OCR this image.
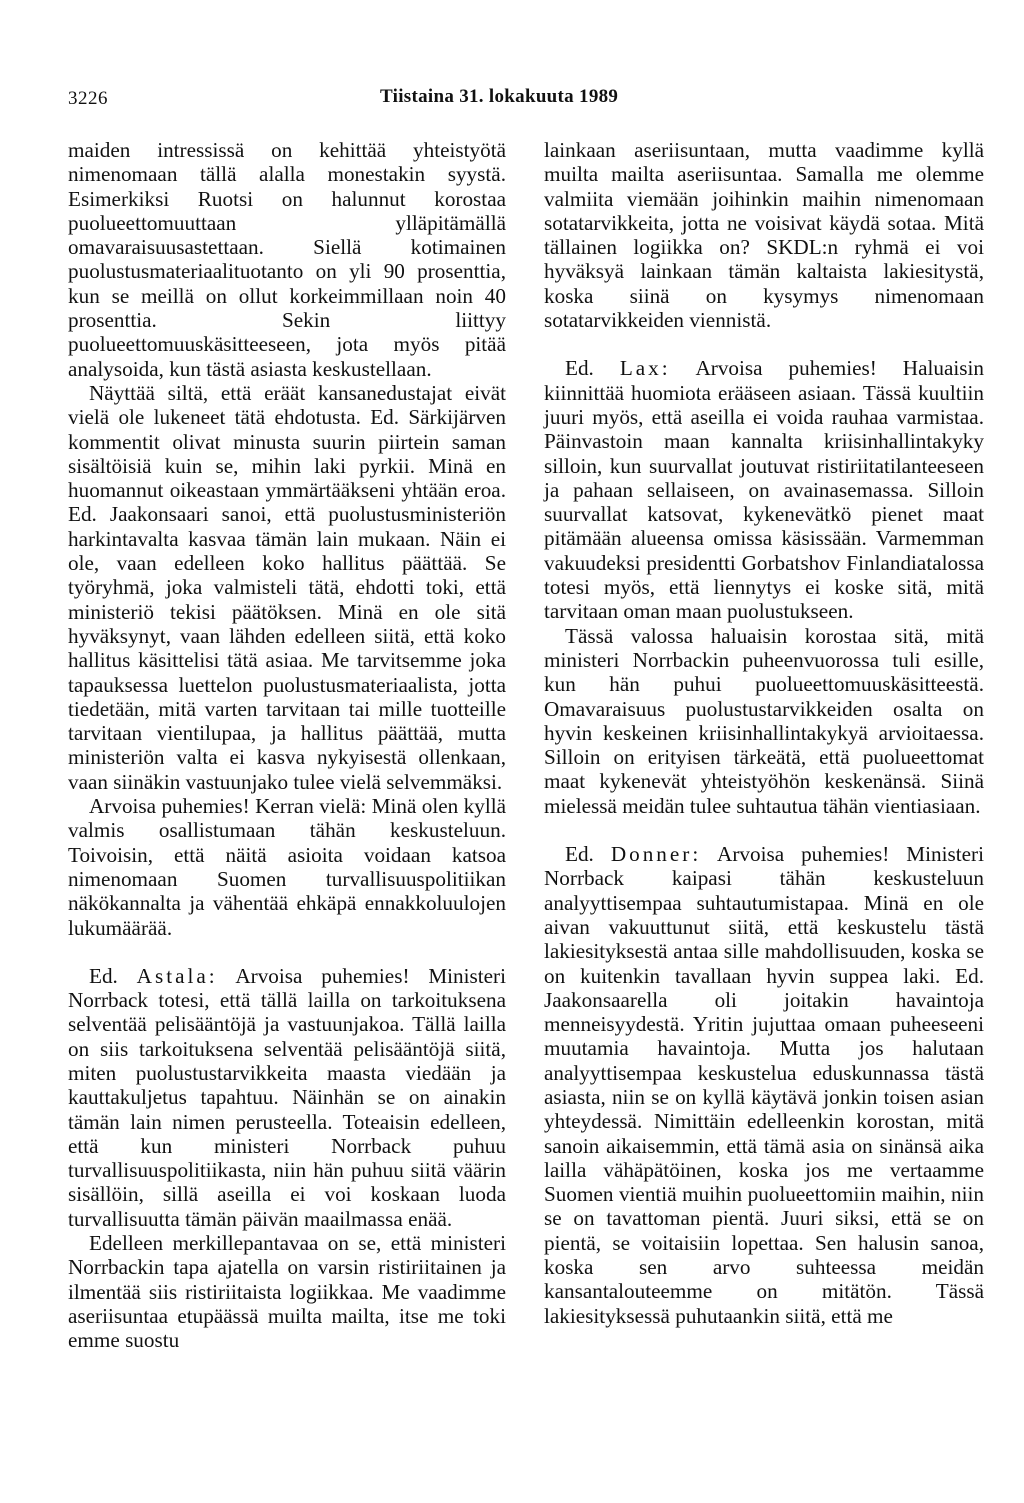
3226	Tiistaina 31. lokakuuta 1989

maiden intressissä on kehittää yhteistyötä nimenomaan tällä alalla monestakin syystä. Esimerkiksi Ruotsi on halunnut korostaa puolueettomuuttaan ylläpitämällä omavaraisuusastettaan. Siellä kotimainen puolustusmateriaalituotanto on yli 90 prosenttia, kun se meillä on ollut korkeimmillaan noin 40 prosenttia. Sekin liittyy puolueettomuuskäsitteeseen, jota myös pitää analysoida, kun tästä asiasta keskustellaan.

Näyttää siltä, että eräät kansanedustajat eivät vielä ole lukeneet tätä ehdotusta. Ed. Särkijärven kommentit olivat minusta suurin piirtein saman sisältöisiä kuin se, mihin laki pyrkii. Minä en huomannut oikeastaan ymmärtääkseni yhtään eroa. Ed. Jaakonsaari sanoi, että puolustusministeriön harkintavalta kasvaa tämän lain mukaan. Näin ei ole, vaan edelleen koko hallitus päättää. Se työryhmä, joka valmisteli tätä, ehdotti toki, että ministeriö tekisi päätöksen. Minä en ole sitä hyväksynyt, vaan lähden edelleen siitä, että koko hallitus käsittelisi tätä asiaa. Me tarvitsemme joka tapauksessa luettelon puolustusmateriaalista, jotta tiedetään, mitä varten tarvitaan tai mille tuotteille tarvitaan vientilupaa, ja hallitus päättää, mutta ministeriön valta ei kasva nykyisestä ollenkaan, vaan siinäkin vastuunjako tulee vielä selvemmäksi.

Arvoisa puhemies! Kerran vielä: Minä olen kyllä valmis osallistumaan tähän keskusteluun. Toivoisin, että näitä asioita voidaan katsoa nimenomaan Suomen turvallisuuspolitiikan näkökannalta ja vähentää ehkäpä ennakkoluulojen lukumäärää.

Ed. Astala: Arvoisa puhemies! Ministeri Norrback totesi, että tällä lailla on tarkoituksena selventää pelisääntöjä ja vastuunjakoa. Tällä lailla on siis tarkoituksena selventää pelisääntöjä siitä, miten puolustustarvikkeita maasta viedään ja kauttakuljetus tapahtuu. Näinhän se on ainakin tämän lain nimen perusteella. Toteaisin edelleen, että kun ministeri Norrback puhuu turvallisuuspolitiikasta, niin hän puhuu siitä väärin sisällöin, sillä aseilla ei voi koskaan luoda turvallisuutta tämän päivän maailmassa enää.

Edelleen merkillepantavaa on se, että ministeri Norrbackin tapa ajatella on varsin ristiriitainen ja ilmentää siis ristiriitaista logiikkaa. Me vaadimme aseriisuntaa etupäässä muilta mailta, itse me toki emme suostu

lainkaan aseriisuntaan, mutta vaadimme kyllä muilta mailta aseriisuntaa. Samalla me olemme valmiita viemään joihinkin maihin nimenomaan sotatarvikkeita, jotta ne voisivat käydä sotaa. Mitä tällainen logiikka on? SKDL:n ryhmä ei voi hyväksyä lainkaan tämän kaltaista lakiesitystä, koska siinä on kysymys nimenomaan sotatarvikkeiden viennistä.

Ed. Lax: Arvoisa puhemies! Haluaisin kiinnittää huomiota erääseen asiaan. Tässä kuultiin juuri myös, että aseilla ei voida rauhaa varmistaa. Päinvastoin maan kannalta kriisinhallintakyky silloin, kun suurvallat joutuvat ristiriitatilanteeseen ja pahaan sellaiseen, on avainasemassa. Silloin suurvallat katsovat, kykenevätkö pienet maat pitämään alueensa omissa käsissään. Varmemman vakuudeksi presidentti Gorbatshov Finlandiatalossa totesi myös, että liennytys ei koske sitä, mitä tarvitaan oman maan puolustukseen.

Tässä valossa haluaisin korostaa sitä, mitä ministeri Norrbackin puheenvuorossa tuli esille, kun hän puhui puolueettomuuskäsitteestä. Omavaraisuus puolustustarvikkeiden osalta on hyvin keskeinen kriisinhallintakykyä arvioitaessa. Silloin on erityisen tärkeätä, että puolueettomat maat kykenevät yhteistyöhön keskenänsä. Siinä mielessä meidän tulee suhtautua tähän vientiasiaan.

Ed. Donner: Arvoisa puhemies! Ministeri Norrback kaipasi tähän keskusteluun analyyttisempaa suhtautumistapaa. Minä en ole aivan vakuuttunut siitä, että keskustelu tästä lakiesityksestä antaa sille mahdollisuuden, koska se on kuitenkin tavallaan hyvin suppea laki. Ed. Jaakonsaarella oli joitakin havaintoja menneisyydestä. Yritin jujuttaa omaan puheeseeni muutamia havaintoja. Mutta jos halutaan analyyttisempaa keskustelua eduskunnassa tästä asiasta, niin se on kyllä käytävä jonkin toisen asian yhteydessä. Nimittäin edelleenkin korostan, mitä sanoin aikaisemmin, että tämä asia on sinänsä aika lailla vähäpätöinen, koska jos me vertaamme Suomen vientiä muihin puolueettomiin maihin, niin se on tavattoman pientä. Juuri siksi, että se on pientä, se voitaisiin lopettaa. Sen halusin sanoa, koska sen arvo suhteessa meidän kansantalouteemme on mitätön. Tässä lakiesityksessä puhutaankin siitä, että me
